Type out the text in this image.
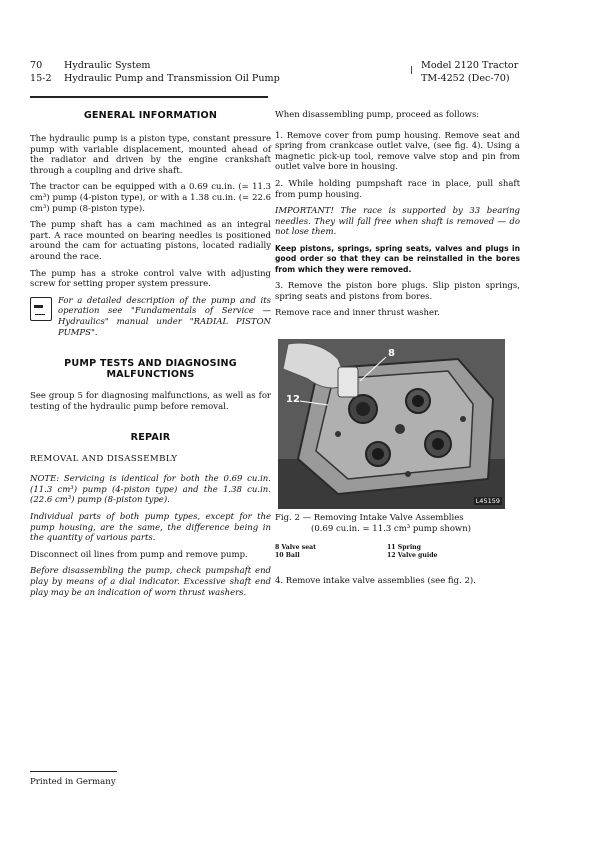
70 Hydraulic System
15-2 Hydraulic Pump and Transmission Oil Pump
Model 2120 Tractor
TM-4252 (Dec-70)
GENERAL INFORMATION

The hydraulic pump is a piston type, constant pressure pump with variable displacement, mounted ahead of the radiator and driven by the engine crankshaft through a coupling and drive shaft.

The tractor can be equipped with a 0.69 cu.in. (= 11.3 cm³) pump (4-piston type), or with a 1.38 cu.in. (= 22.6 cm³) pump (8-piston type).

The pump shaft has a cam machined as an integral part. A race mounted on bearing needles is positioned around the cam for actuating pistons, located radially around the race.

The pump has a stroke control valve with adjusting screw for setting proper system pressure.

For a detailed description of the pump and its operation see "Fundamentals of Service — Hydraulics" manual under "RADIAL PISTON PUMPS".

PUMP TESTS AND DIAGNOSING
MALFUNCTIONS

See group 5 for diagnosing malfunctions, as well as for testing of the hydraulic pump before removal.

REPAIR
REMOVAL AND DISASSEMBLY

NOTE: Servicing is identical for both the 0.69 cu.in. (11.3 cm³) pump (4-piston type) and the 1.38 cu.in. (22.6 cm³) pump (8-piston type).

Individual parts of both pump types, except for the pump housing, are the same, the difference being in the quantity of various parts.

Disconnect oil lines from pump and remove pump.

Before disassembling the pump, check pumpshaft end play by means of a dial indicator. Excessive shaft end play may be an indication of worn thrust washers.

When disassembling pump, proceed as follows:

1. Remove cover from pump housing. Remove seat and spring from crankcase outlet valve, (see fig. 4). Using a magnetic pick-up tool, remove valve stop and pin from outlet valve bore in housing.

2. While holding pumpshaft race in place, pull shaft from pump housing.

IMPORTANT! The race is supported by 33 bearing needles. They will fall free when shaft is removed — do not lose them.

Keep pistons, springs, spring seats, valves and plugs in good order so that they can be reinstalled in the bores from which they were removed.

3. Remove the piston bore plugs. Slip piston springs, spring seats and pistons from bores.

Remove race and inner thrust washer.

8
12
L45159
Fig. 2 — Removing Intake Valve Assemblies
(0.69 cu.in. = 11.3 cm³ pump shown)
8 Valve seat	11 Spring
10 Ball	12 Valve guide

4. Remove intake valve assemblies (see fig. 2).

Printed in Germany
